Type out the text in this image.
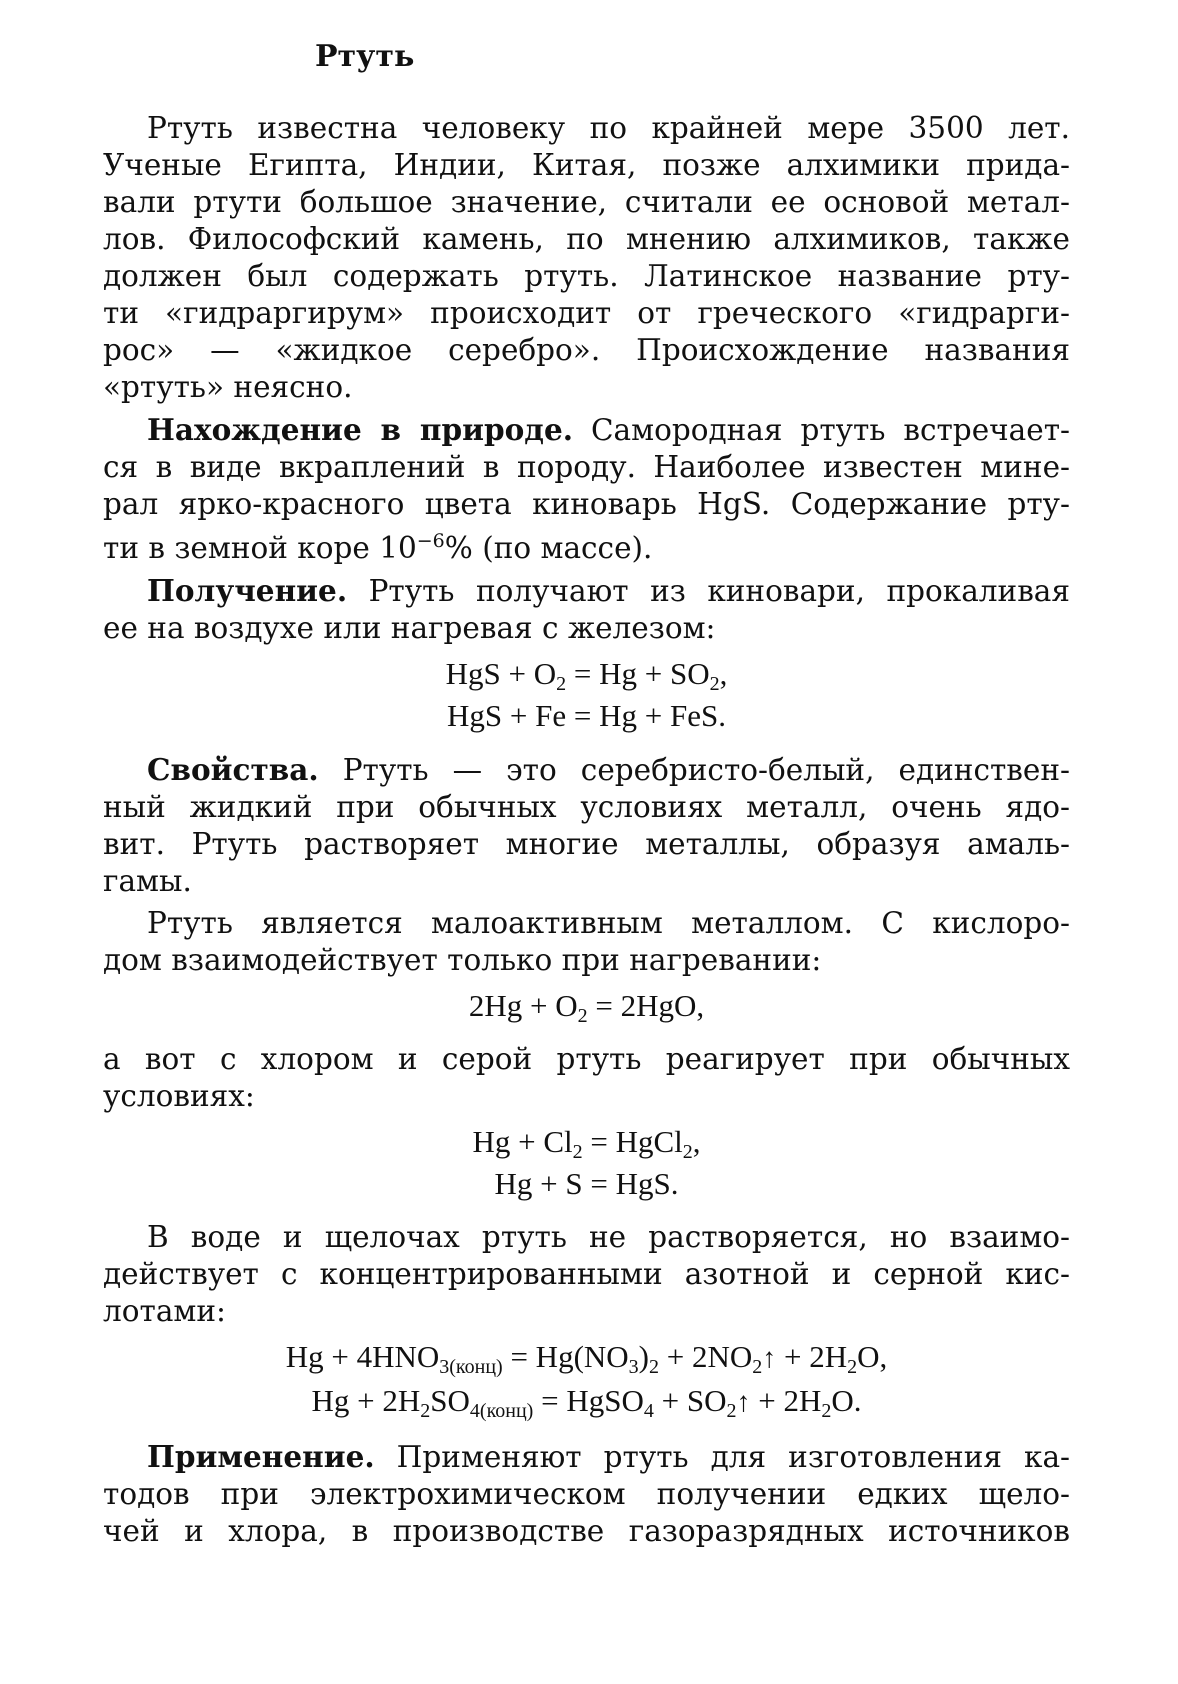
Ртуть

Ртуть известна человеку по крайней мере 3500 лет.

Ученые Египта, Индии, Китая, позже алхимики прида-

вали ртути большое значение, считали ее основой метал-

лов. Философский камень, по мнению алхимиков, также

должен был содержать ртуть. Латинское название рту-

ти «гидраргирум» происходит от греческого «гидрарги-

рос» — «жидкое серебро». Происхождение названия

«ртуть» неясно.

Нахождение в природе. Самородная ртуть встречает-

ся в виде вкраплений в породу. Наиболее известен мине-

рал ярко-красного цвета киноварь HgS. Содержание рту-

ти в земной коре $10^{-6}\%$ (по массе).

Получение. Ртуть получают из киновари, прокаливая

ее на воздухе или нагревая с железом:

HgS + $O_2 = Hg + SO_2$,
HgS + Fe = Hg + FeS.

Свойства. Ртуть — это серебристо-белый, единствен-

ный жидкий при обычных условиях металл, очень ядо-

вит. Ртуть растворяет многие металлы, образуя амаль-

гамы.

Ртуть является малоактивным металлом. С кислоро-

дом взаимодействует только при нагревании:

$2Hg + O_2 = 2HgO$,

а вот с хлором и серой ртуть реагирует при обычных

условиях:

$Hg + Cl_2$ = HgCl$_2$,
Hg + S = HgS.

В воде и щелочах ртуть не растворяется, но взаимо-

действует с концентрированными азотной и серной кис-

лотами:

$Hg + 4HNO_{3(конц)} = Hg(NO_3)_2$ + $2NO_2↑ + 2H_2O$,
$Hg + 2H_2SO_{4(конц)}$ = HgSO$_4$ + $SO_2↑ + 2H_2O$.

Применение. Применяют ртуть для изготовления ка-

тодов при электрохимическом получении едких щело-

чей и хлора, в производстве газоразрядных источников
